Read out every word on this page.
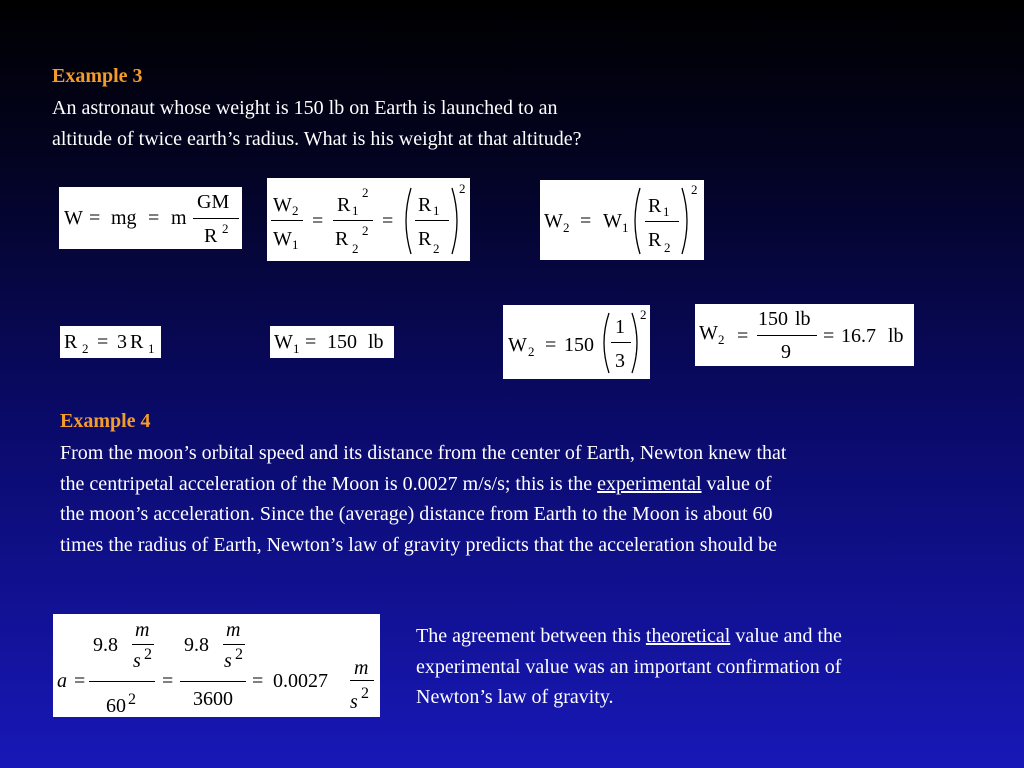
Example 3
An astronaut whose weight is 150 lb on Earth is launched to an
altitude of twice earth’s radius. What is his weight at that altitude?
W = mg = m
GM
R 2
W 2
W 1
=
R 1
2
R 2
2 =
R 1
R 2
2
W 2 = W 1
R 1
R 2
2
R 2 = 3 R 1	W 1 = 150 lb	W 2 = 150
1
3
2
W 2 =
150 lb
9
= 16.7 lb
Example 4
From the moon’s orbital speed and its distance from the center of Earth, Newton knew that
the centripetal acceleration of the Moon is 0.0027 m/s/s; this is the experimental value of
the moon’s acceleration. Since the (average) distance from Earth to the Moon is about 60
times the radius of Earth, Newton’s law of gravity predicts that the acceleration should be
a =
9.8
m
s 2
60 2
=
9.8
m
s 2
3600
= 0.0027
m
s 2
The agreement between this theoretical value and the
experimental value was an important confirmation of
Newton’s law of gravity.
